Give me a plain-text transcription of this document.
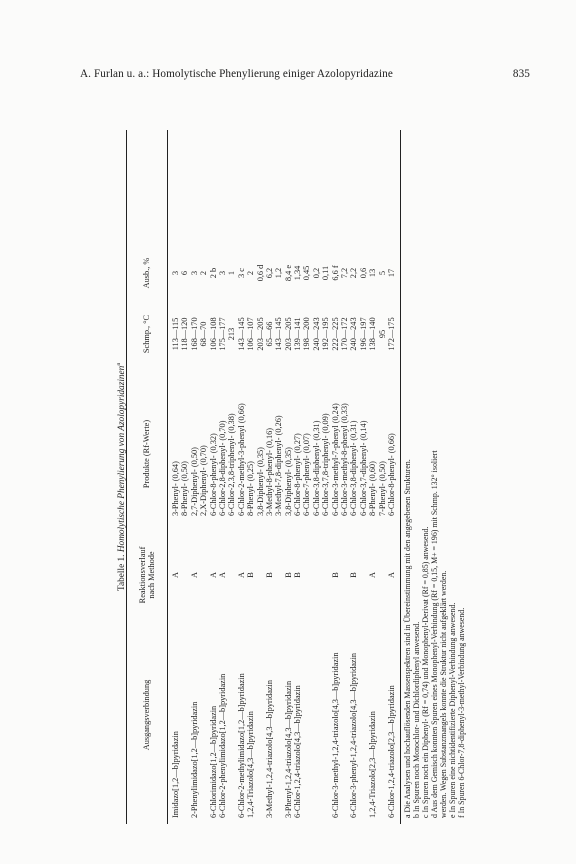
A. Furlan u. a.: Homolytische Phenylierung einiger Azolopyridazine	835
Tabelle 1. Homolytische Phenylierung von Azolopyridazinen$^a$
Ausgangsverbindung
Reaktionsverlauf nach Methode
Produkte (Rf-Werte)
Schmp., °C
Ausb., %
Imidazo[1,2—b]pyridazin
A
3-Phenyl- (0,64)
113—115
3
8-Phenyl- (0,50)
118—120
6
2-Phenylimidazo[1,2—b]pyridazin
A
2,7-Diphenyl- (0,50)
168—170
3
2,X-Diphenyl- (0,70)
68—70
2
6-Chlorimidazo[1,2—b]pyridazin
A
6-Chlor-8-phenyl- (0,32)
106—108
2 b
6-Chlor-2-phenylimidazo[1,2—b]pyridazin
A
6-Chlor-2,8-diphenyl- (0,70)
175—177
3
6-Chlor-2,3,8-triphenyl- (0,38)
213
1
6-Chlor-2-methylimidazo[1,2—b]pyridazin
A
6-Chlor-2-methyl-3-phenyl (0,66)
143—145
3 c
1,2,4-Triazolo[4,3—b]pyridazin
B
8-Phenyl- (0,25)
106—107
2
3,8-Diphenyl- (0,35)
203—205
0,6 d
3-Methyl-1,2,4-triazolo[4,3—b]pyridazin
B
3-Methyl-8-phenyl- (0,16)
65—66
6,2
3-Methyl-7,8-diphenyl- (0,26)
143—145
1,2
3-Phenyl-1,2,4-triazolo[4,3—b]pyridazin
B
3,8-Diphenyl- (0,35)
203—205
8,4 e
6-Chlor-1,2,4-triazolo[4,3—b]pyridazin
B
6-Chlor-8-phenyl- (0,27)
139—141
1,34
6-Chlor-7-phenyl- (0,07)
198—200
0,45
6-Chlor-3,8-diphenyl- (0,31)
240—243
0,2
6-Chlor-3,7,8-triphenyl- (0,09)
192—195
0,11
6-Chlor-3-methyl-1,2,4-triazolo[4,3—b]pyridazin
B
6-Chlor-3-methyl-7-phenyl (0,24)
222—225
6,6 f
6-Chlor-3-methyl-8-phenyl (0,33)
170—172
7,2
6-Chlor-3-phenyl-1,2,4-triazolo[4,3—b]pyridazin
B
6-Chlor-3,8-diphenyl- (0,31)
240—243
2,2
6-Chlor-3,7-diphenyl- (0,14)
196—197
0,6
1,2,4-Triazolo[2,3—b]pyridazin
A
8-Phenyl- (0,60)
138—140
13
7-Phenyl- (0,50)
95
5
6-Chlor-1,2,4-triazolo[2,3—b]pyridazin
A
6-Chlor-8-phenyl- (0,66)
172—175
17
a Die Analysen und hochauflösenden Massenspektren sind in Übereinstimmung mit den angegebenen Strukturen. b In Spuren noch Monochlor- und Dichlordiphenyl anwesend. c In Spuren noch ein Diphenyl- (Rf = 0,74) und Monophenyl-Derivat (Rf = 0,85) anwesend. d Aus dem Gemisch konnten Spuren eines Monophenyl-Verbindung (Rf = 0,15, M+ = 196) mit Schmp. 132° isoliert werden. Wegen Substanzmangels konnte die Struktur nicht aufgeklärt werden. e In Spuren eine nichtidentifizierte Diphenyl-Verbindung anwesend. f In Spuren 6-Chlor-7,8-diphenyl-3-methyl-Verbindung anwesend.
